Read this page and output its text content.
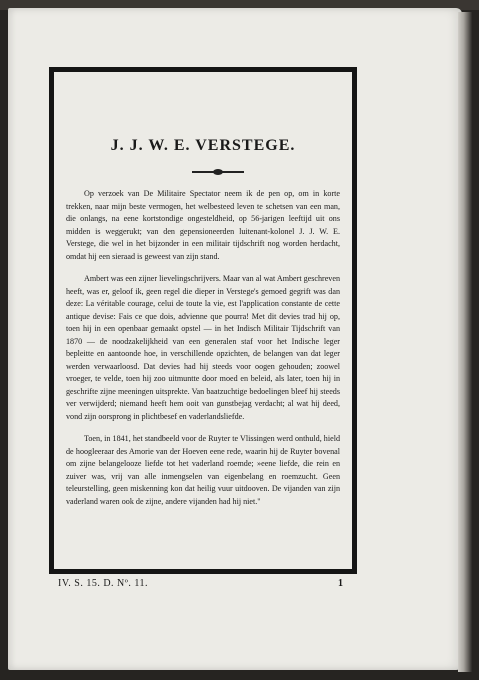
J. J. W. E. VERSTEGE.

Op verzoek van De Militaire Spectator neem ik de pen op, om in korte trekken, naar mijn beste vermogen, het welbesteed leven te schetsen van een man, die onlangs, na eene kortstondige ongesteldheid, op 56-jarigen leeftijd uit ons midden is weggerukt; van den gepensioneerden luitenant-kolonel J. J. W. E. Verstege, die wel in het bijzonder in een militair tijdschrift nog worden herdacht, omdat hij een sieraad is geweest van zijn stand.

Ambert was een zijner lievelingschrijvers. Maar van al wat Ambert geschreven heeft, was er, geloof ik, geen regel die dieper in Verstege's gemoed gegrift was dan deze: La véritable courage, celui de toute la vie, est l'application constante de cette antique devise: Fais ce que dois, advienne que pourra! Met dit devies trad hij op, toen hij in een openbaar gemaakt opstel — in het Indisch Militair Tijdschrift van 1870 — de noodzakelijkheid van een generalen staf voor het Indische leger bepleitte en aantoonde hoe, in verschillende opzichten, de belangen van dat leger werden verwaarloosd. Dat devies had hij steeds voor oogen gehouden; zoowel vroeger, te velde, toen hij zoo uitmuntte door moed en beleid, als later, toen hij in geschrifte zijne meeningen uitsprekte. Van baatzuchtige bedoelingen bleef hij steeds ver verwijderd; niemand heeft hem ooit van gunstbejag verdacht; al wat hij deed, vond zijn oorsprong in plichtbesef en vaderlandsliefde.

Toen, in 1841, het standbeeld voor de Ruyter te Vlissingen werd onthuld, hield de hoogleeraar des Amorie van der Hoeven eene rede, waarin hij de Ruyter bovenal om zijne belangelooze liefde tot het vaderland roemde; »eene liefde, die rein en zuiver was, vrij van alle inmengselen van eigenbelang en roemzucht. Geen teleurstelling, geen miskenning kon dat heilig vuur uitdooven. De vijanden van zijn vaderland waren ook de zijne, andere vijanden had hij niet."

IV. S. 15. D. Nº. 11.	1
